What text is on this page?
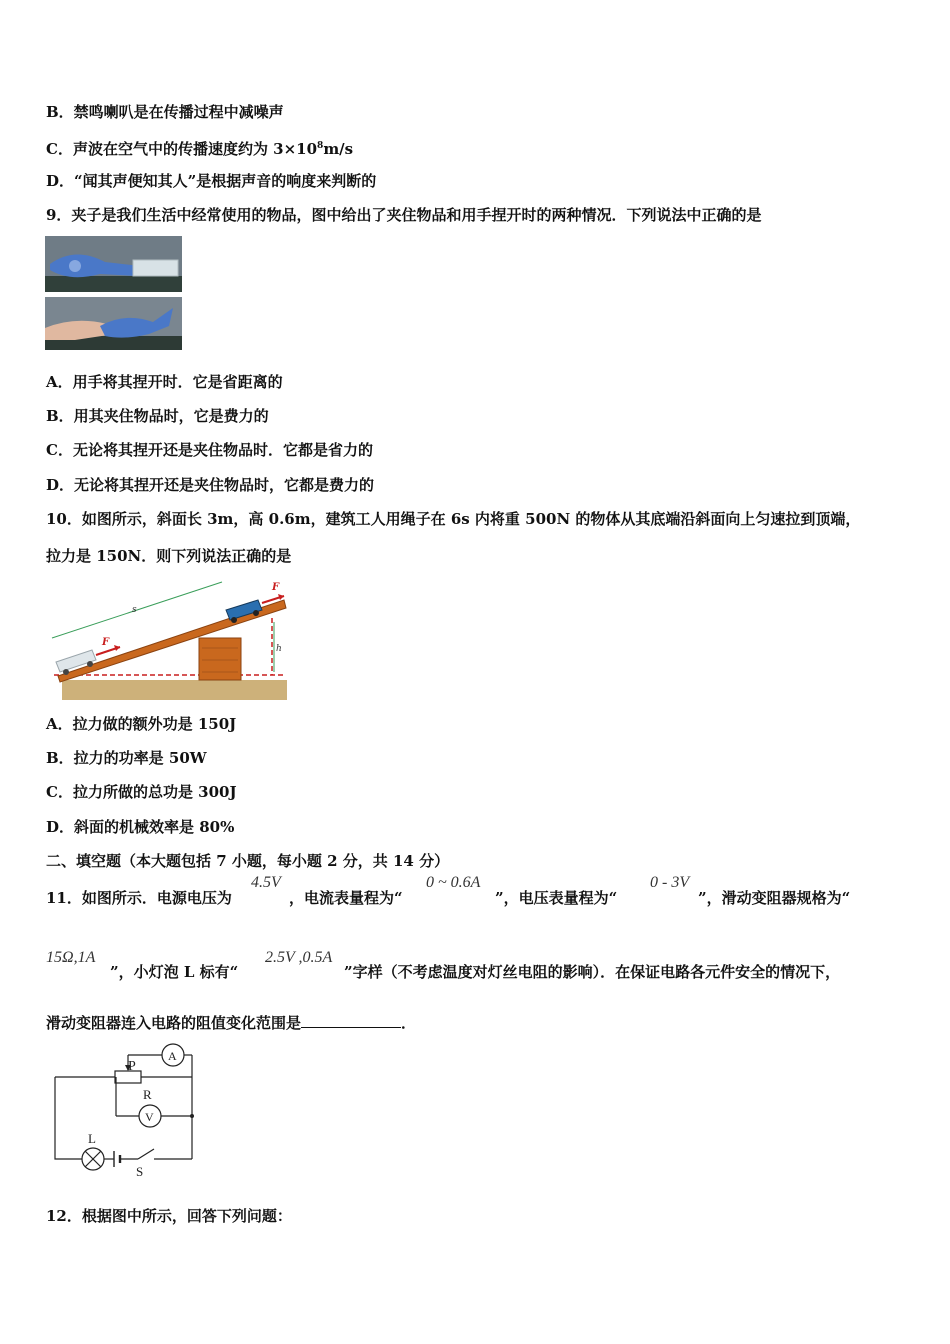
B．禁鸣喇叭是在传播过程中减噪声
C．声波在空气中的传播速度约为 $3\times 10^8m/s$
D．“闻其声便知其人”是根据声音的响度来判断的
9．夹子是我们生活中经常使用的物品，图中给出了夹住物品和用手捏开时的两种情况．下列说法中正确的是
A．用手将其捏开时．它是省距离的
B．用其夹住物品时，它是费力的
C．无论将其捏开还是夹住物品时．它都是省力的
D．无论将其捏开还是夹住物品时，它都是费力的
10．如图所示，斜面长 3m，高 0.6m，建筑工人用绳子在 6s 内将重 500N 的物体从其底端沿斜面向上匀速拉到顶端，
拉力是 150N．则下列说法正确的是
F
F
s
h
A．拉力做的额外功是 150J
B．拉力的功率是 50W
C．拉力所做的总功是 300J
D．斜面的机械效率是 80%
二、填空题（本大题包括 7 小题，每小题 2 分，共 14 分）
11．如图所示．电源电压为
4.5V
，电流表量程为“
0 ~ 0.6A
”，电压表量程为“
0 - 3V
”，滑动变阻器规格为“
15Ω,1A
”，小灯泡 L 标有“
2.5V ,0.5A
”字样（不考虑温度对灯丝电阻的影响）．在保证电路各元件安全的情况下，
滑动变阻器连入电路的阻值变化范围是	．
P
A
R
V
L
S
12．根据图中所示，回答下列问题：
